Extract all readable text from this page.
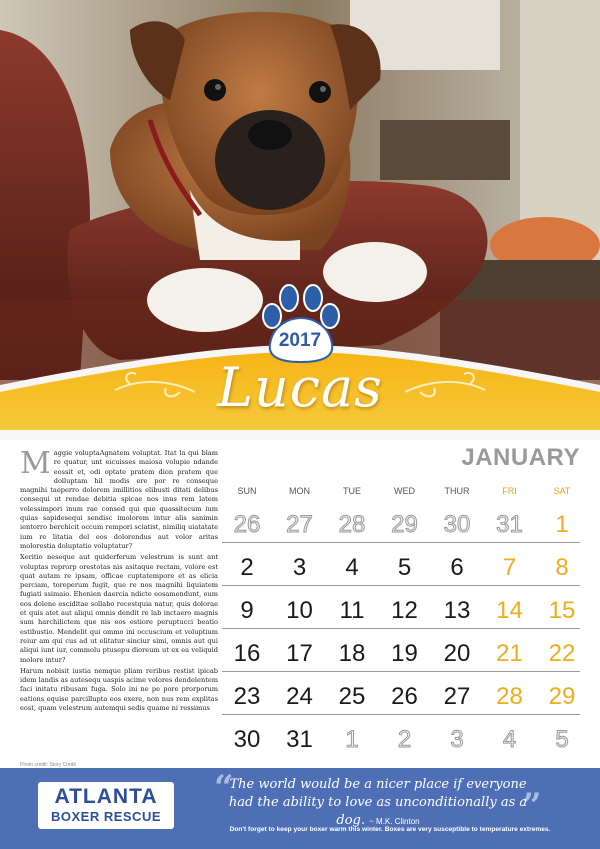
2017
Lucas

Maggie voluptaAgnatem voluptat. Itat la qui blam re quatur, unt eicuisses maiosa volupie ndande eossit et, odi optate pratem dion pratem que dolluptam hil modis ere por re conseque magnihi taeperro dolorem imillitios elibusti ditati delibus consequi ut rendae debitia spicae nos inus rem latem volessimpori inum rae consed qui que quassitecum ium quias sapidesequi sendisc imolorem intur alis sanimin ientorro berchicit occum rempori sciatist, nimiliq uiatatate ium re litatia del eos dolorendus aut volor aritas molorestia doluptatio voluptatur?

Xeritio neseque aut quiderferum velestrum is sunt ant voluptas reprorp orestotas nis asitaque rectam, volore est quat autam re ipsam, officae cuptatempore et as elicia perciam, toreperum fugit, que re nos magnihi liquiatem fugiati ssimaio. Ehenien daercia ndicte eosamendunt, eum eos dolene esciditae sollabo recestquia natur, quis dolorae et quis atet aut aliqui omnis dendit re lab inctaero magnis sum harchilictem que nis eos estiore peruptucci beatio estibustio. Mendelit qui ommo ini occuscium et voluptium reiur am qui cus ad ut elitatur sinciur simi, omnis aut qui aliqui iunt iur, commolu ptusepu dioreum ut ex ea veliquid molore intur?

Harum nobisit iustia nemque pliam reribus restist ipicab idem landis as autesequ uaspis acime volores dendelentem faci initatu ribusam fuga. Solo ini ne pe pore prorporum eations equise parcillupta eos exere, non nus rem explitas eost, quam velestrum autemqui sedis quame ni ressimus

Photo credit: Story Credit
JANUARY
SUN	MON	TUE	WED	THUR	FRI	SAT
26	27	28	29	30	31	1
2	3	4	5	6	7	8
9	10	11	12	13	14	15
16	17	18	19	20	21	22
23	24	25	26	27	28	29
30	31	1	2	3	4	5
ATLANTA
BOXER RESCUE
“	”
The world would be a nicer place if everyone had the ability to love as unconditionally as a dog. ~ M.K. Clinton
Don't forget to keep your boxer warm this winter. Boxes are very susceptible to temperature extremes.
